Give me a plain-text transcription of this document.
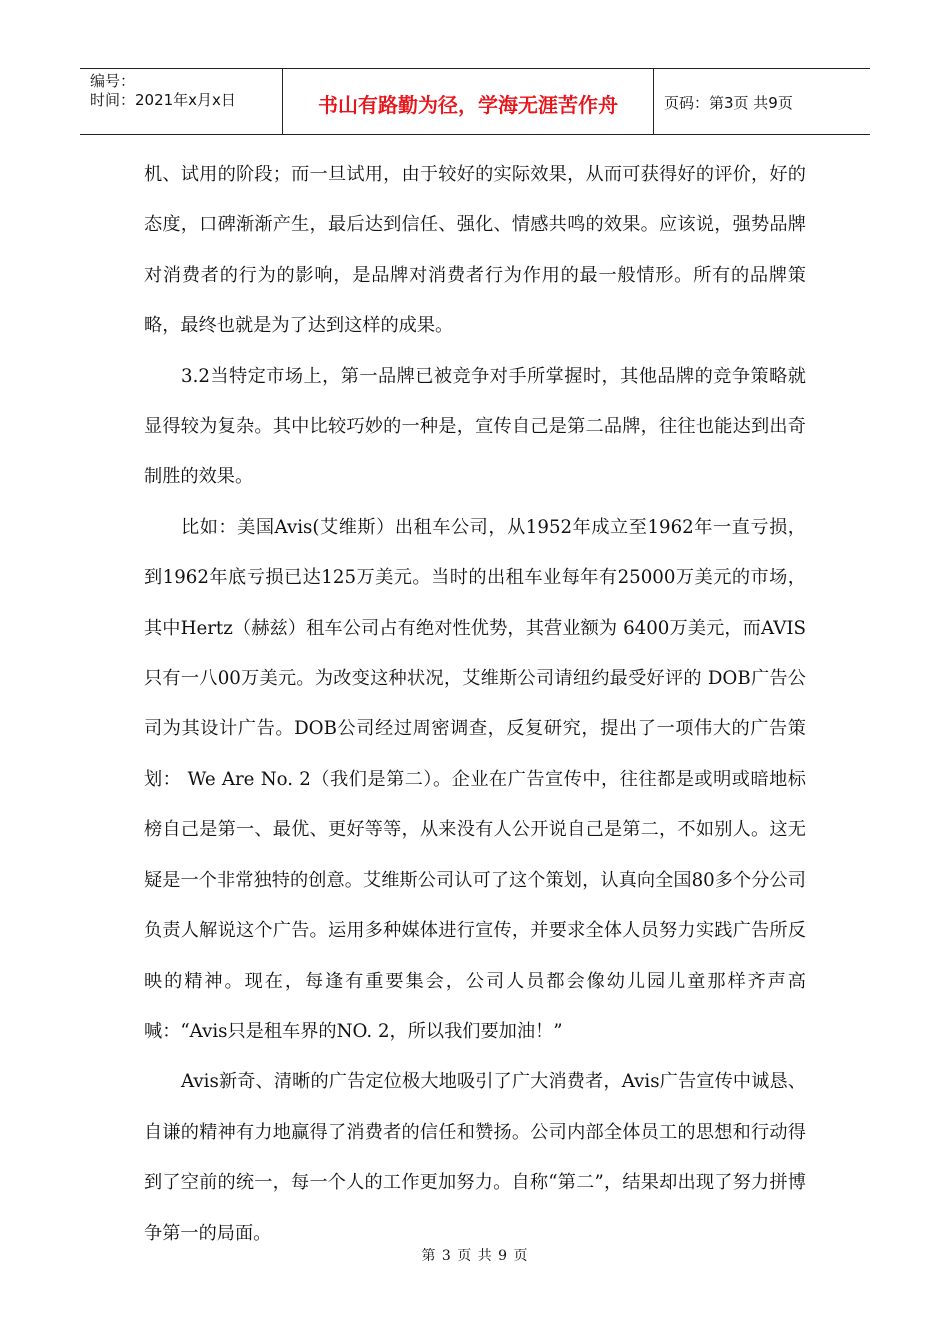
编号：
时间：2021年x月x日	书山有路勤为径，学海无涯苦作舟	页码：第3页 共9页

机、试用的阶段；而一旦试用，由于较好的实际效果，从而可获得好的评价，好的态度，口碑渐渐产生，最后达到信任、强化、情感共鸣的效果。应该说，强势品牌对消费者的行为的影响，是品牌对消费者行为作用的最一般情形。所有的品牌策略，最终也就是为了达到这样的成果。

3.2当特定市场上，第一品牌已被竞争对手所掌握时，其他品牌的竞争策略就显得较为复杂。其中比较巧妙的一种是，宣传自己是第二品牌，往往也能达到出奇制胜的效果。

比如：美国Avis(艾维斯）出租车公司，从1952年成立至1962年一直亏损，到1962年底亏损已达125万美元。当时的出租车业每年有25000万美元的市场，其中Hertz（赫兹）租车公司占有绝对性优势，其营业额为 6400万美元，而AVIS只有一八00万美元。为改变这种状况，艾维斯公司请纽约最受好评的 DOB广告公司为其设计广告。DOB公司经过周密调查，反复研究，提出了一项伟大的广告策划： We Are No. 2（我们是第二）。企业在广告宣传中，往往都是或明或暗地标榜自己是第一、最优、更好等等，从来没有人公开说自己是第二，不如别人。这无疑是一个非常独特的创意。艾维斯公司认可了这个策划，认真向全国80多个分公司负责人解说这个广告。运用多种媒体进行宣传，并要求全体人员努力实践广告所反映的精神。现在，每逢有重要集会，公司人员都会像幼儿园儿童那样齐声高喊：“Avis只是租车界的NO. 2，所以我们要加油！”

Avis新奇、清晰的广告定位极大地吸引了广大消费者，Avis广告宣传中诚恳、自谦的精神有力地赢得了消费者的信任和赞扬。公司内部全体员工的思想和行动得到了空前的统一，每一个人的工作更加努力。自称“第二”，结果却出现了努力拼博争第一的局面。

第 3 页 共 9 页
